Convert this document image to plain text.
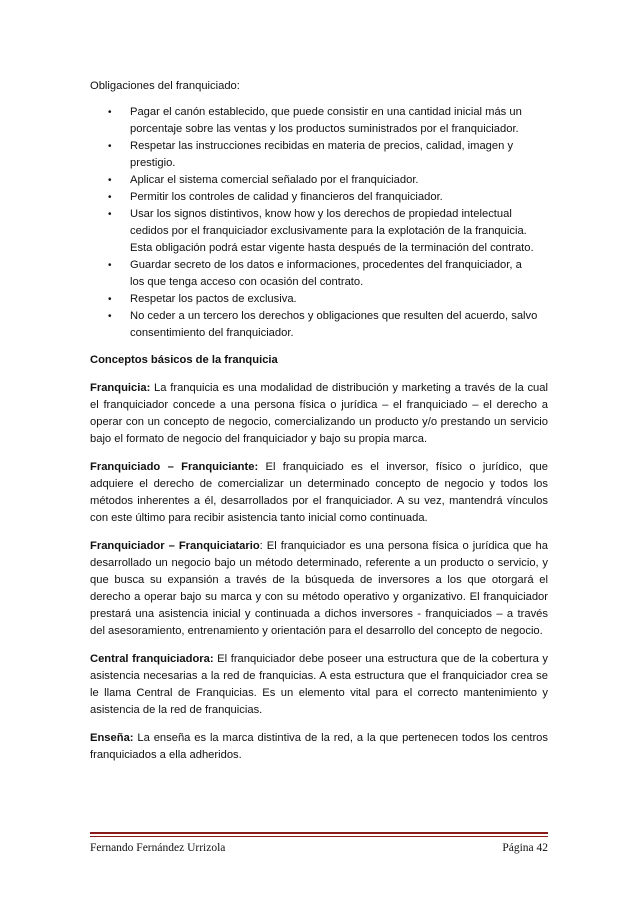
Obligaciones del franquiciado:

• Pagar el canón establecido, que puede consistir en una cantidad inicial más un porcentaje sobre las ventas y los productos suministrados por el franquiciador.
• Respetar las instrucciones recibidas en materia de precios, calidad, imagen y prestigio.
• Aplicar el sistema comercial señalado por el franquiciador.
• Permitir los controles de calidad y financieros del franquiciador.
• Usar los signos distintivos, know how y los derechos de propiedad intelectual cedidos por el franquiciador exclusivamente para la explotación de la franquicia. Esta obligación podrá estar vigente hasta después de la terminación del contrato.
• Guardar secreto de los datos e informaciones, procedentes del franquiciador, a los que tenga acceso con ocasión del contrato.
• Respetar los pactos de exclusiva.
• No ceder a un tercero los derechos y obligaciones que resulten del acuerdo, salvo consentimiento del franquiciador.

Conceptos básicos de la franquicia

Franquicia: La franquicia es una modalidad de distribución y marketing a través de la cual el franquiciador concede a una persona física o jurídica – el franquiciado – el derecho a operar con un concepto de negocio, comercializando un producto y/o prestando un servicio bajo el formato de negocio del franquiciador y bajo su propia marca.

Franquiciado – Franquiciante: El franquiciado es el inversor, físico o jurídico, que adquiere el derecho de comercializar un determinado concepto de negocio y todos los métodos inherentes a él, desarrollados por el franquiciador. A su vez, mantendrá vínculos con este último para recibir asistencia tanto inicial como continuada.

Franquiciador – Franquiciatario: El franquiciador es una persona física o jurídica que ha desarrollado un negocio bajo un método determinado, referente a un producto o servicio, y que busca su expansión a través de la búsqueda de inversores a los que otorgará el derecho a operar bajo su marca y con su método operativo y organizativo. El franquiciador prestará una asistencia inicial y continuada a dichos inversores - franquiciados – a través del asesoramiento, entrenamiento y orientación para el desarrollo del concepto de negocio.

Central franquiciadora: El franquiciador debe poseer una estructura que de la cobertura y asistencia necesarias a la red de franquicias. A esta estructura que el franquiciador crea se le llama Central de Franquicias. Es un elemento vital para el correcto mantenimiento y asistencia de la red de franquicias.

Enseña: La enseña es la marca distintiva de la red, a la que pertenecen todos los centros franquiciados a ella adheridos.

Fernando Fernández Urrizola	Página 42
